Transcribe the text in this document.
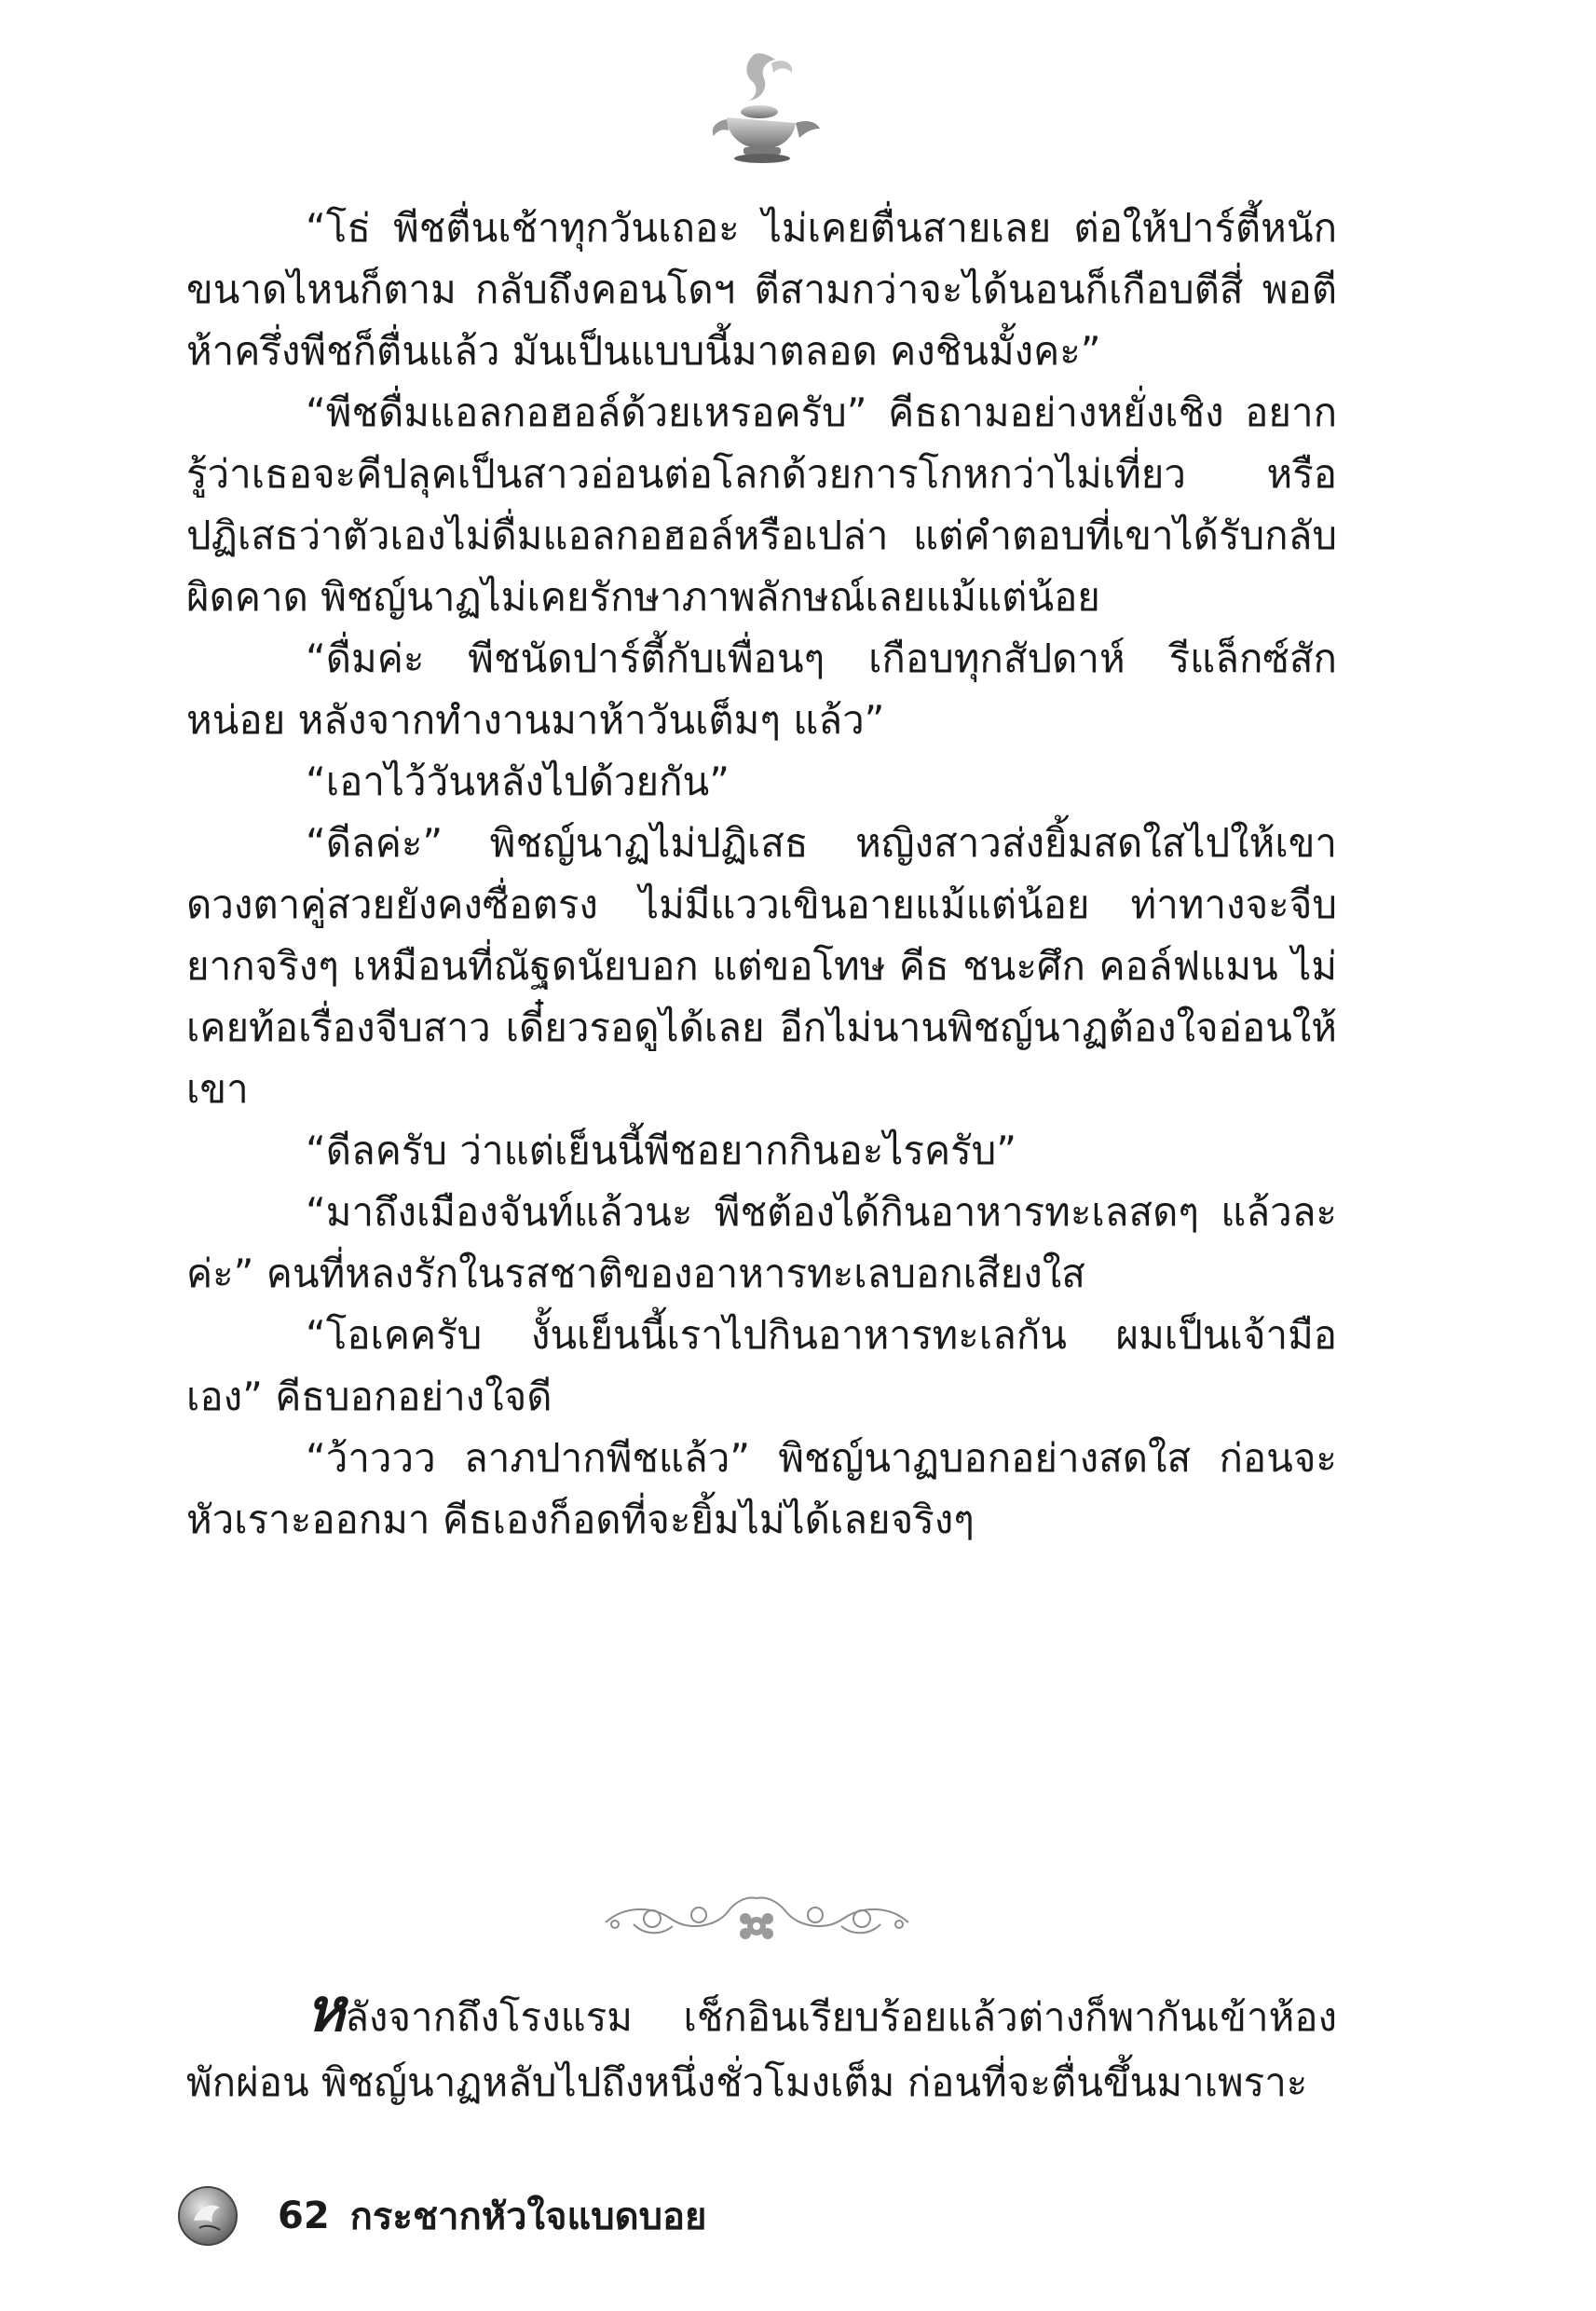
“โธ่ พีชตื่นเช้าทุกวันเถอะ ไม่เคยตื่นสายเลย ต่อให้ปาร์ตี้หนัก ขนาดไหนก็ตาม กลับถึงคอนโดฯ ตีสามกว่าจะได้นอนก็เกือบตีสี่ พอตีห้าครึ่งพีชก็ตื่นแล้ว มันเป็นแบบนี้มาตลอด คงชินมั้งคะ”

“พีชดื่มแอลกอฮอล์ด้วยเหรอครับ” คีธถามอย่างหยั่งเชิง อยากรู้ว่าเธอจะคีปลุคเป็นสาวอ่อนต่อโลกด้วยการโกหกว่าไม่เที่ยว หรือปฏิเสธว่าตัวเองไม่ดื่มแอลกอฮอล์หรือเปล่า แต่คำตอบที่เขาได้รับกลับผิดคาด พิชญ์นาฏไม่เคยรักษาภาพลักษณ์เลยแม้แต่น้อย

“ดื่มค่ะ พีชนัดปาร์ตี้กับเพื่อนๆ เกือบทุกสัปดาห์ รีแล็กซ์สักหน่อย หลังจากทำงานมาห้าวันเต็มๆ แล้ว”

“เอาไว้วันหลังไปด้วยกัน”

“ดีลค่ะ” พิชญ์นาฏไม่ปฏิเสธ หญิงสาวส่งยิ้มสดใสไปให้เขา ดวงตาคู่สวยยังคงซื่อตรง ไม่มีแววเขินอายแม้แต่น้อย ท่าทางจะจีบยากจริงๆ เหมือนที่ณัฐดนัยบอก แต่ขอโทษ คีธ ชนะศึก คอล์ฟแมน ไม่เคยท้อเรื่องจีบสาว เดี๋ยวรอดูได้เลย อีกไม่นานพิชญ์นาฏต้องใจอ่อนให้เขา

“ดีลครับ ว่าแต่เย็นนี้พีชอยากกินอะไรครับ”

“มาถึงเมืองจันท์แล้วนะ พีชต้องได้กินอาหารทะเลสดๆ แล้วละค่ะ” คนที่หลงรักในรสชาติของอาหารทะเลบอกเสียงใส

“โอเคครับ งั้นเย็นนี้เราไปกินอาหารทะเลกัน ผมเป็นเจ้ามือเอง” คีธบอกอย่างใจดี

“ว้าววว ลาภปากพีชแล้ว” พิชญ์นาฏบอกอย่างสดใส ก่อนจะหัวเราะออกมา คีธเองก็อดที่จะยิ้มไม่ได้เลยจริงๆ

หลังจากถึงโรงแรม เช็กอินเรียบร้อยแล้วต่างก็พากันเข้าห้องพักผ่อน พิชญ์นาฏหลับไปถึงหนึ่งชั่วโมงเต็ม ก่อนที่จะตื่นขึ้นมาเพราะ

62 กระชากหัวใจแบดบอย
